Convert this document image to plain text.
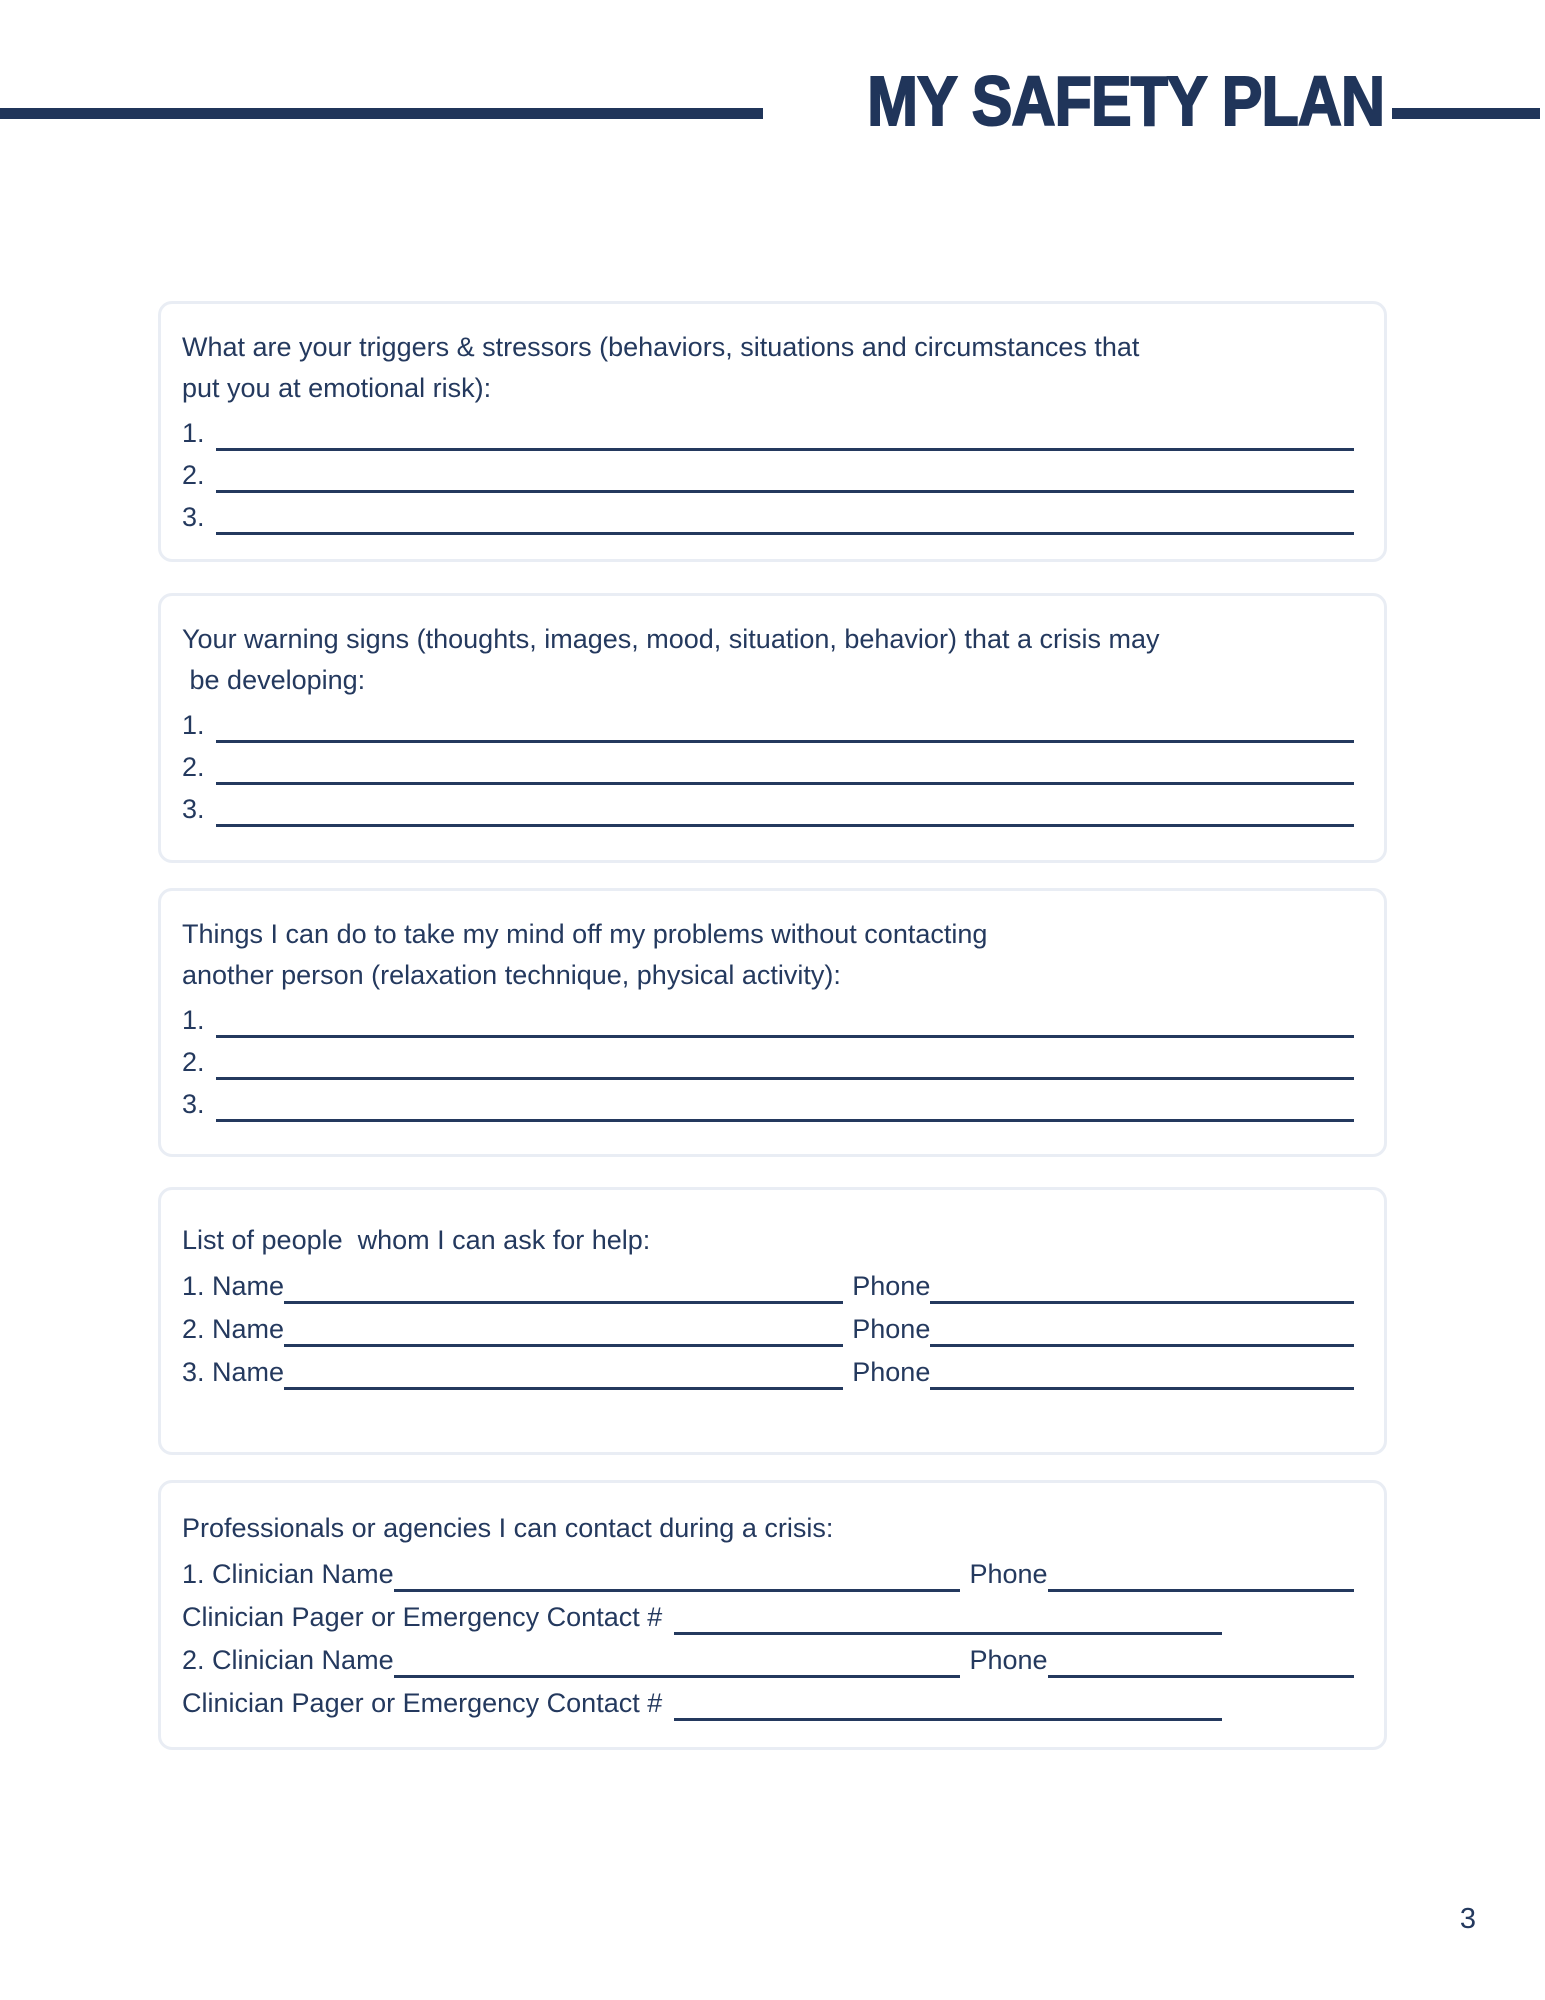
MY SAFETY PLAN
What are your triggers & stressors (behaviors, situations and circumstances that
put you at emotional risk):
1.
2.
3.
Your warning signs (thoughts, images, mood, situation, behavior) that a crisis may
be developing:
1.
2.
3.
Things I can do to take my mind off my problems without contacting
another person (relaxation technique, physical activity):
1.
2.
3.
List of people  whom I can ask for help:
1. Name	Phone
2. Name	Phone
3. Name	Phone
Professionals or agencies I can contact during a crisis:
1. Clinician Name	Phone
Clinician Pager or Emergency Contact #
2. Clinician Name	Phone
Clinician Pager or Emergency Contact #
3
